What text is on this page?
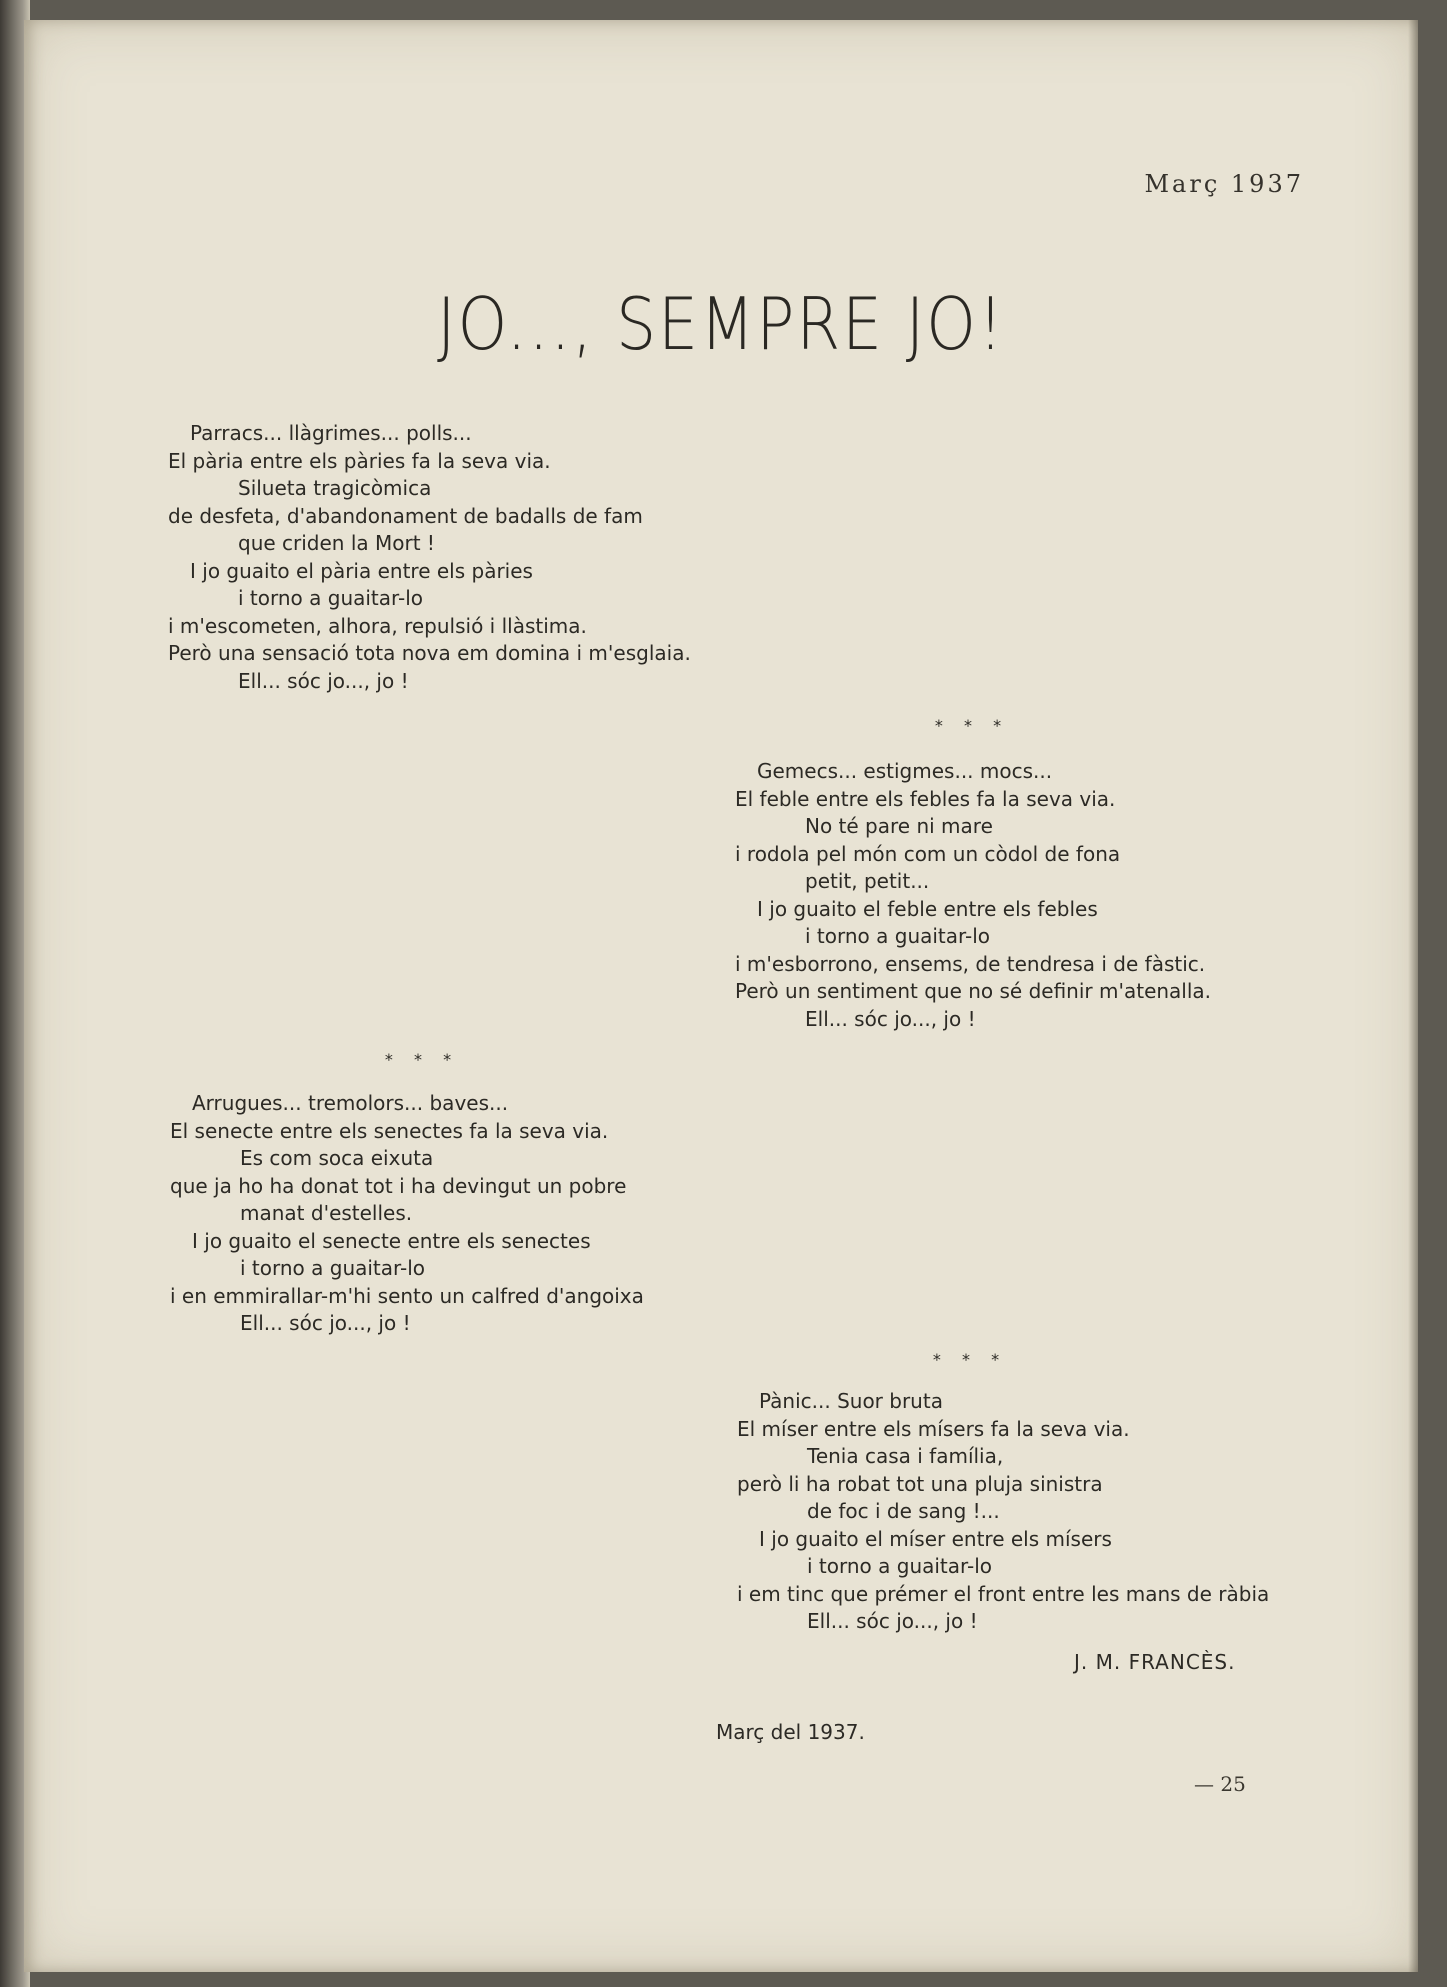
Març 1937
JO..., SEMPRE JO!
Parracs... llàgrimes... polls...
El pària entre els pàries fa la seva via.
Silueta tragicòmica
de desfeta, d'abandonament de badalls de fam
que criden la Mort !
I jo guaito el pària entre els pàries
i torno a guaitar-lo
i m'escometen, alhora, repulsió i llàstima.
Però una sensació tota nova em domina i m'esglaia.
Ell... sóc jo..., jo !
* * *
Gemecs... estigmes... mocs...
El feble entre els febles fa la seva via.
No té pare ni mare
i rodola pel món com un còdol de fona
petit, petit...
I jo guaito el feble entre els febles
i torno a guaitar-lo
i m'esborrono, ensems, de tendresa i de fàstic.
Però un sentiment que no sé definir m'atenalla.
Ell... sóc jo..., jo !
* * *
Arrugues... tremolors... baves...
El senecte entre els senectes fa la seva via.
Es com soca eixuta
que ja ho ha donat tot i ha devingut un pobre
manat d'estelles.
I jo guaito el senecte entre els senectes
i torno a guaitar-lo
i en emmirallar-m'hi sento un calfred d'angoixa
Ell... sóc jo..., jo !
* * *
Pànic... Suor bruta
El míser entre els mísers fa la seva via.
Tenia casa i família,
però li ha robat tot una pluja sinistra
de foc i de sang !...
I jo guaito el míser entre els mísers
i torno a guaitar-lo
i em tinc que prémer el front entre les mans de ràbia
Ell... sóc jo..., jo !
J. M. FRANCÈS.
Març del 1937.
— 25
